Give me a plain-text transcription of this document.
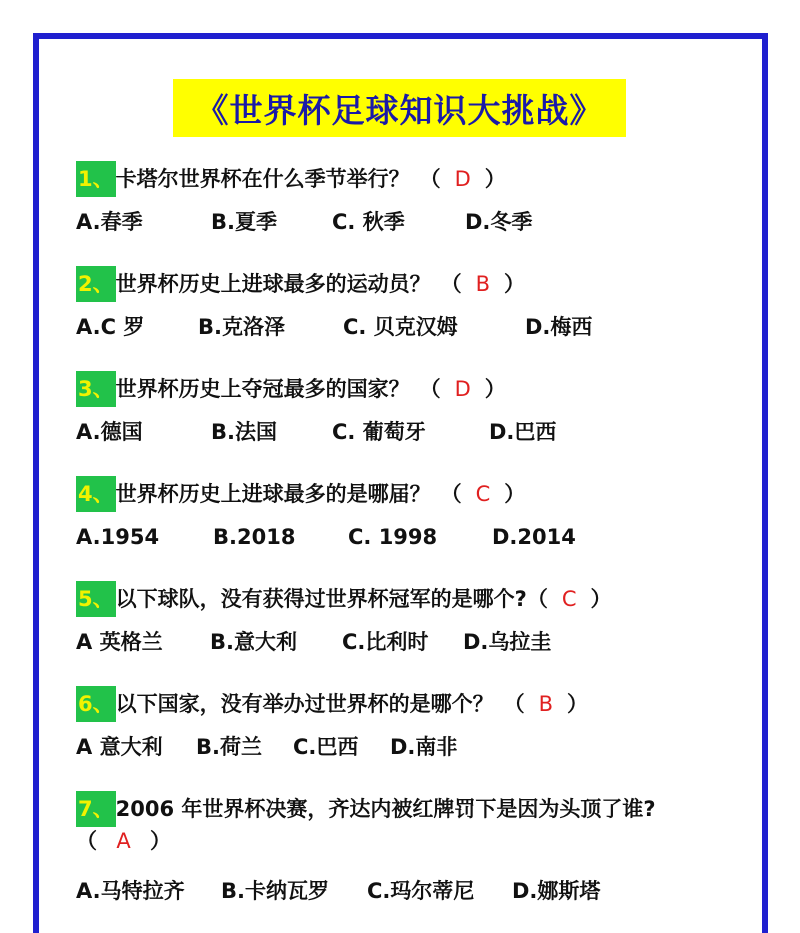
《世界杯足球知识大挑战》
1、 卡塔尔世界杯在什么季节举行？ （ D ）
A.春季	B.夏季	C. 秋季	D.冬季
2、 世界杯历史上进球最多的运动员？ （ B ）
A.C 罗	B.克洛泽	C. 贝克汉姆	D.梅西
3、 世界杯历史上夺冠最多的国家？ （ D ）
A.德国	B.法国	C. 葡萄牙	D.巴西
4、 世界杯历史上进球最多的是哪届？ （ C ）
A.1954	B.2018	C. 1998	D.2014
5、 以下球队，没有获得过世界杯冠军的是哪个? （ C ）
A 英格兰 B.意大利 C.比利时 D.乌拉圭
6、 以下国家，没有举办过世界杯的是哪个？ （ B ）
A 意大利 B.荷兰 C.巴西 D.南非
7、 2006 年世界杯决赛，齐达内被红牌罚下是因为头顶了谁?
（ A ）
A.马特拉齐 B.卡纳瓦罗 C.玛尔蒂尼 D.娜斯塔
